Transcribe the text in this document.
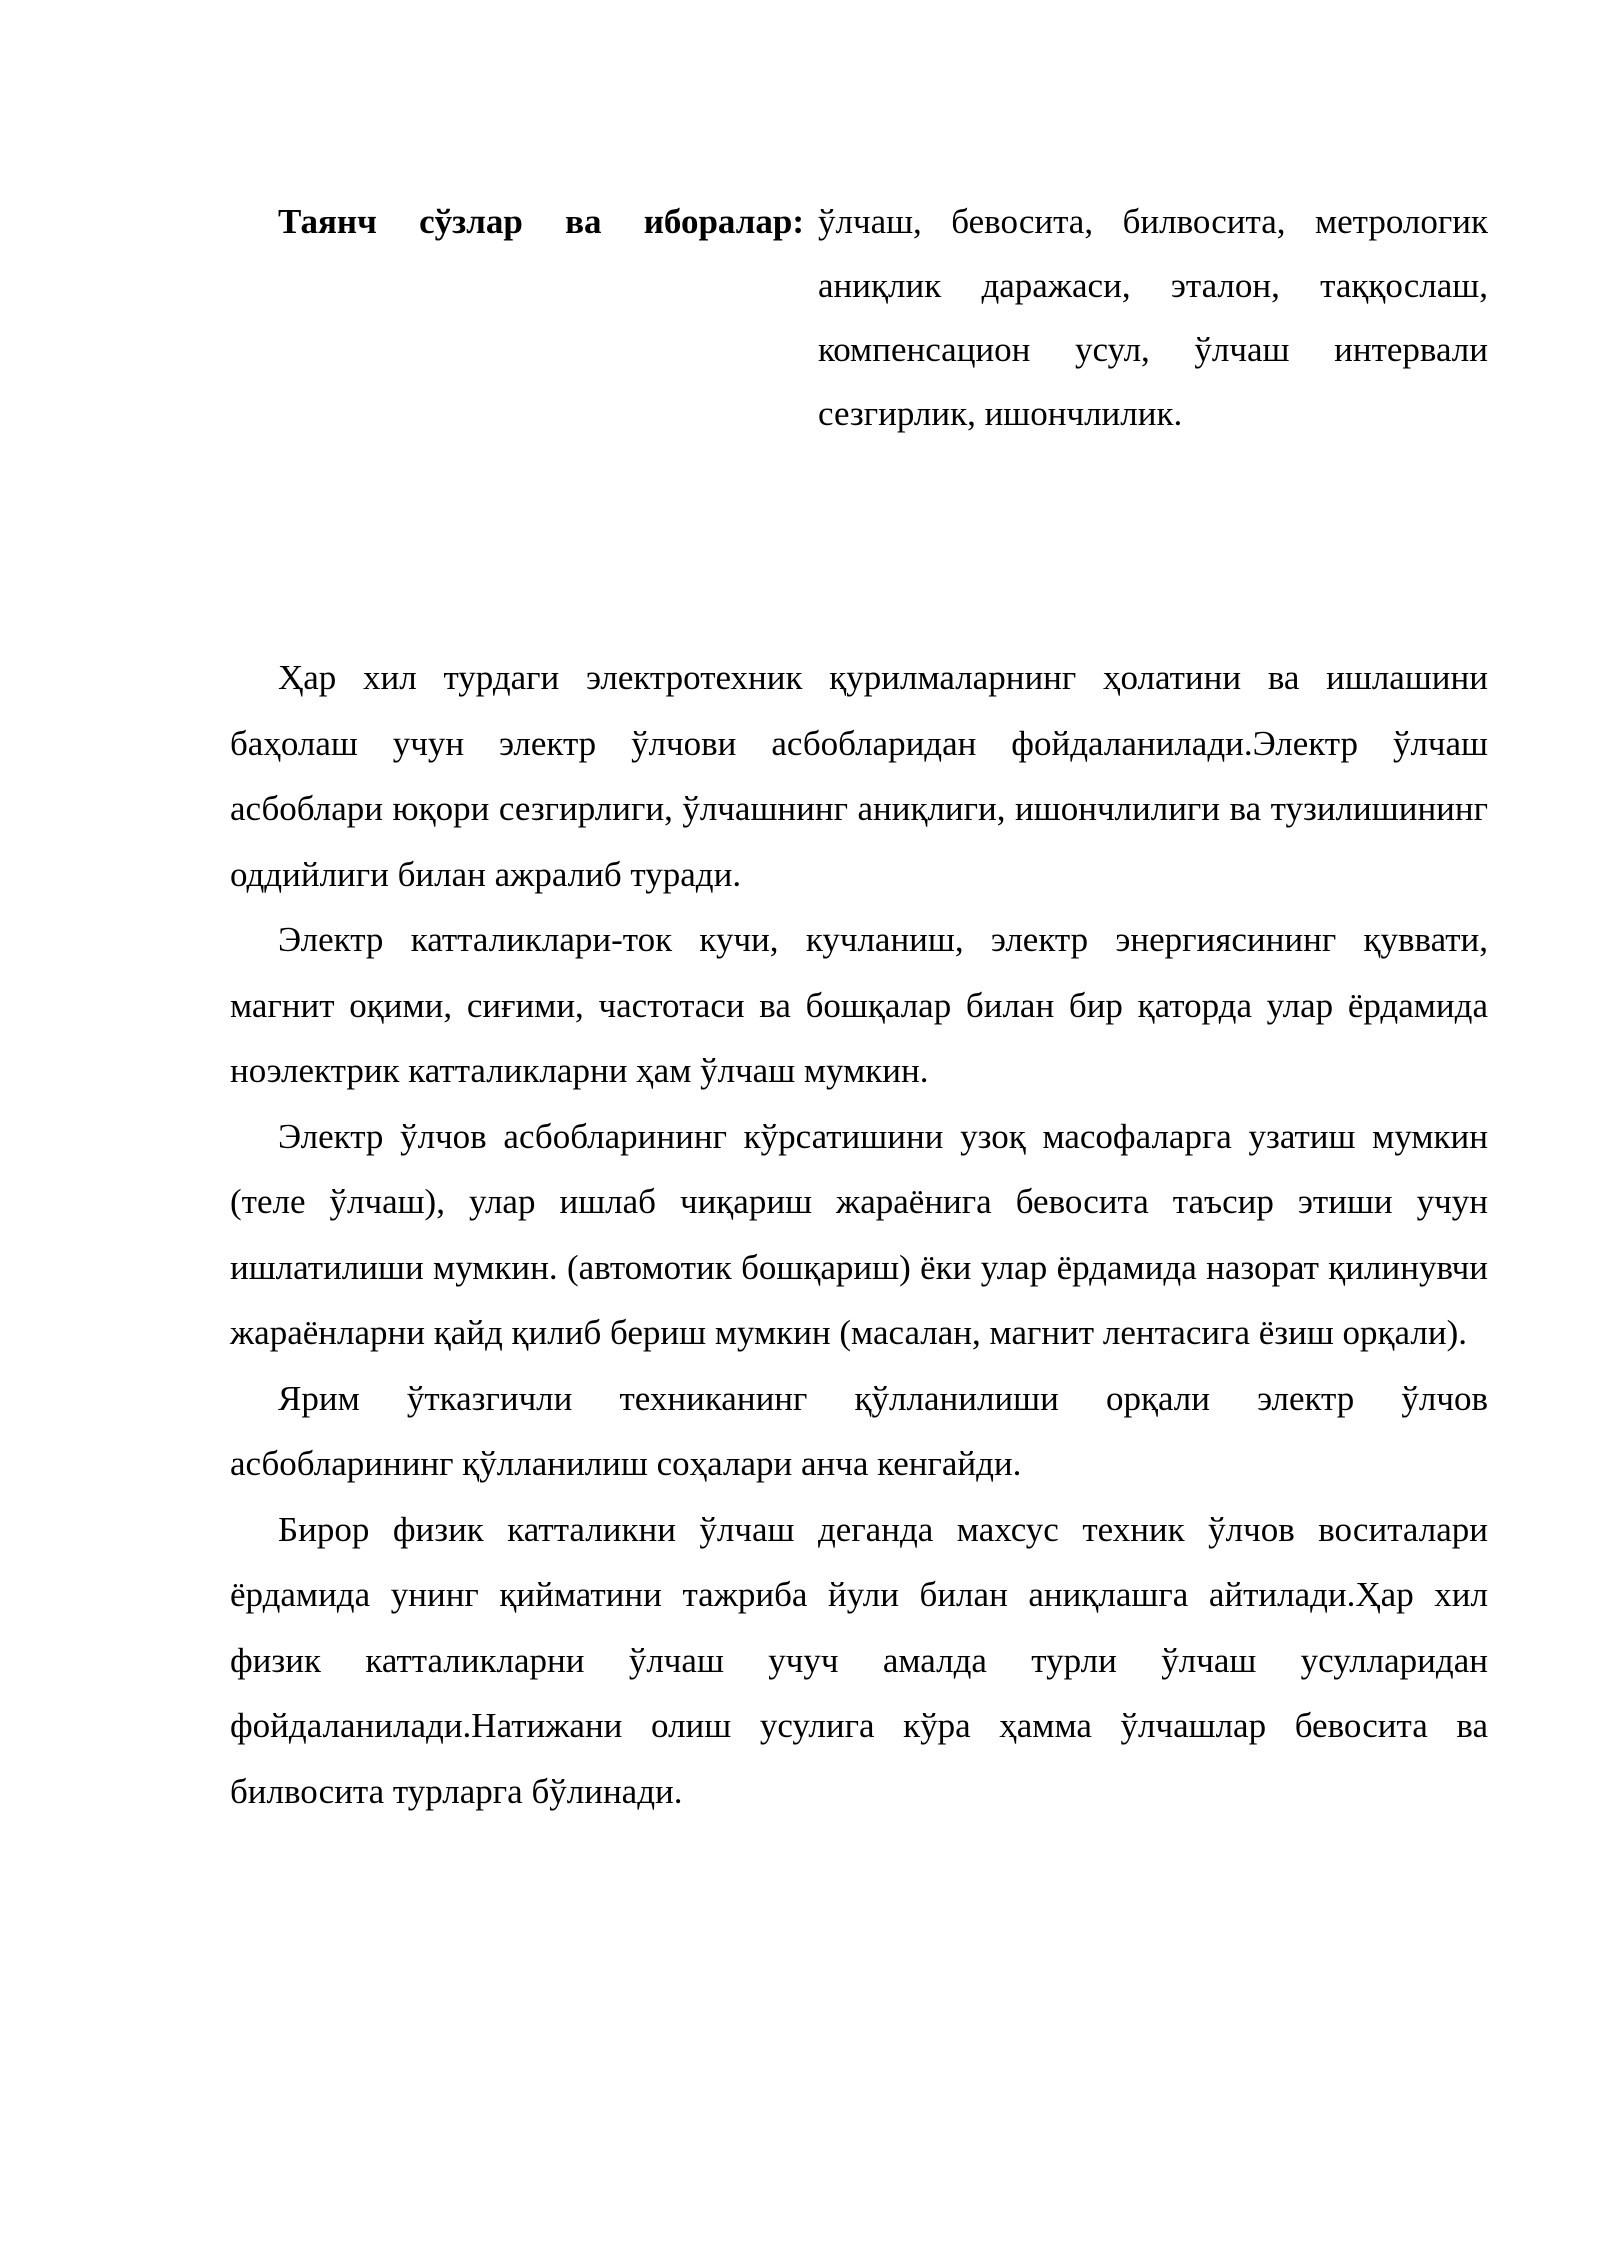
Таянч сўзлар ва иборалар: ўлчаш, бевосита, билвосита, метрологик аниқлик даражаси, эталон, таққослаш, компенсацион усул, ўлчаш интервали сезгирлик, ишончлилик.

Ҳар хил турдаги электротехник қурилмаларнинг ҳолатини ва ишлашини баҳолаш учун электр ўлчови асбобларидан фойдаланилади.Электр ўлчаш асбоблари юқори сезгирлиги, ўлчашнинг аниқлиги, ишончлилиги ва тузилишининг оддийлиги билан ажралиб туради.

Электр катталиклари-ток кучи, кучланиш, электр энергиясининг қуввати, магнит оқими, сиғими, частотаси ва бошқалар билан бир қаторда улар ёрдамида ноэлектрик катталикларни ҳам ўлчаш мумкин.

Электр ўлчов асбобларининг кўрсатишини узоқ масофаларга узатиш мумкин (теле ўлчаш), улар ишлаб чиқариш жараёнига бевосита таъсир этиши учун ишлатилиши мумкин. (автомотик бошқариш) ёки улар ёрдамида назорат қилинувчи жараёнларни қайд қилиб бериш мумкин (масалан, магнит лентасига ёзиш орқали).

Ярим ўтказгичли техниканинг қўлланилиши орқали электр ўлчов асбобларининг қўлланилиш соҳалари анча кенгайди.

Бирор физик катталикни ўлчаш деганда махсус техник ўлчов воситалари ёрдамида унинг қийматини тажриба йули билан аниқлашга айтилади.Ҳар хил физик катталикларни ўлчаш учуч амалда турли ўлчаш усулларидан фойдаланилади.Натижани олиш усулига кўра ҳамма ўлчашлар бевосита ва билвосита турларга бўлинади.
